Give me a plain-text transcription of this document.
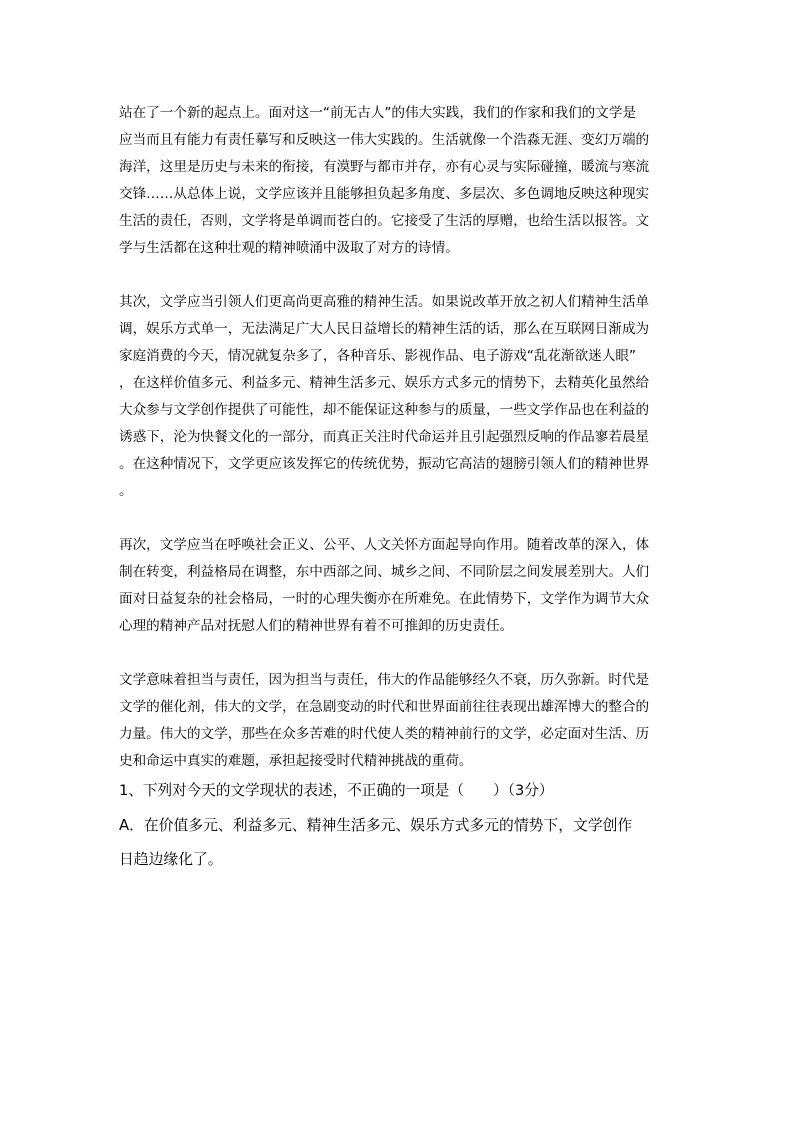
站在了一个新的起点上。面对这一“前无古人”的伟大实践，我们的作家和我们的文学是
应当而且有能力有责任摹写和反映这一伟大实践的。生活就像一个浩淼无涯、变幻万端的
海洋，这里是历史与未来的衔接，有漠野与都市并存，亦有心灵与实际碰撞，暖流与寒流
交锋……从总体上说，文学应该并且能够担负起多角度、多层次、多色调地反映这种现实
生活的责任，否则，文学将是单调而苍白的。它接受了生活的厚赠，也给生活以报答。文
学与生活都在这种壮观的精神喷涌中汲取了对方的诗情。

其次，文学应当引领人们更高尚更高雅的精神生活。如果说改革开放之初人们精神生活单
调，娱乐方式单一，无法满足广大人民日益增长的精神生活的话，那么在互联网日渐成为
家庭消费的今天，情况就复杂多了，各种音乐、影视作品、电子游戏“乱花渐欲迷人眼”
，在这样价值多元、利益多元、精神生活多元、娱乐方式多元的情势下，去精英化虽然给
大众参与文学创作提供了可能性，却不能保证这种参与的质量，一些文学作品也在利益的
诱惑下，沦为快餐文化的一部分，而真正关注时代命运并且引起强烈反响的作品寥若晨星
。在这种情况下，文学更应该发挥它的传统优势，振动它高洁的翅膀引领人们的精神世界
。

再次，文学应当在呼唤社会正义、公平、人文关怀方面起导向作用。随着改革的深入，体
制在转变，利益格局在调整，东中西部之间、城乡之间、不同阶层之间发展差别大。人们
面对日益复杂的社会格局，一时的心理失衡亦在所难免。在此情势下，文学作为调节大众
心理的精神产品对抚慰人们的精神世界有着不可推卸的历史责任。

文学意味着担当与责任，因为担当与责任，伟大的作品能够经久不衰，历久弥新。时代是
文学的催化剂，伟大的文学，在急剧变动的时代和世界面前往往表现出雄浑博大的整合的
力量。伟大的文学，那些在众多苦难的时代使人类的精神前行的文学，必定面对生活、历
史和命运中真实的难题，承担起接受时代精神挑战的重荷。

1、下列对今天的文学现状的表述，不正确的一项是（　　）（3分）

A．在价值多元、利益多元、精神生活多元、娱乐方式多元的情势下，文学创作
日趋边缘化了。
